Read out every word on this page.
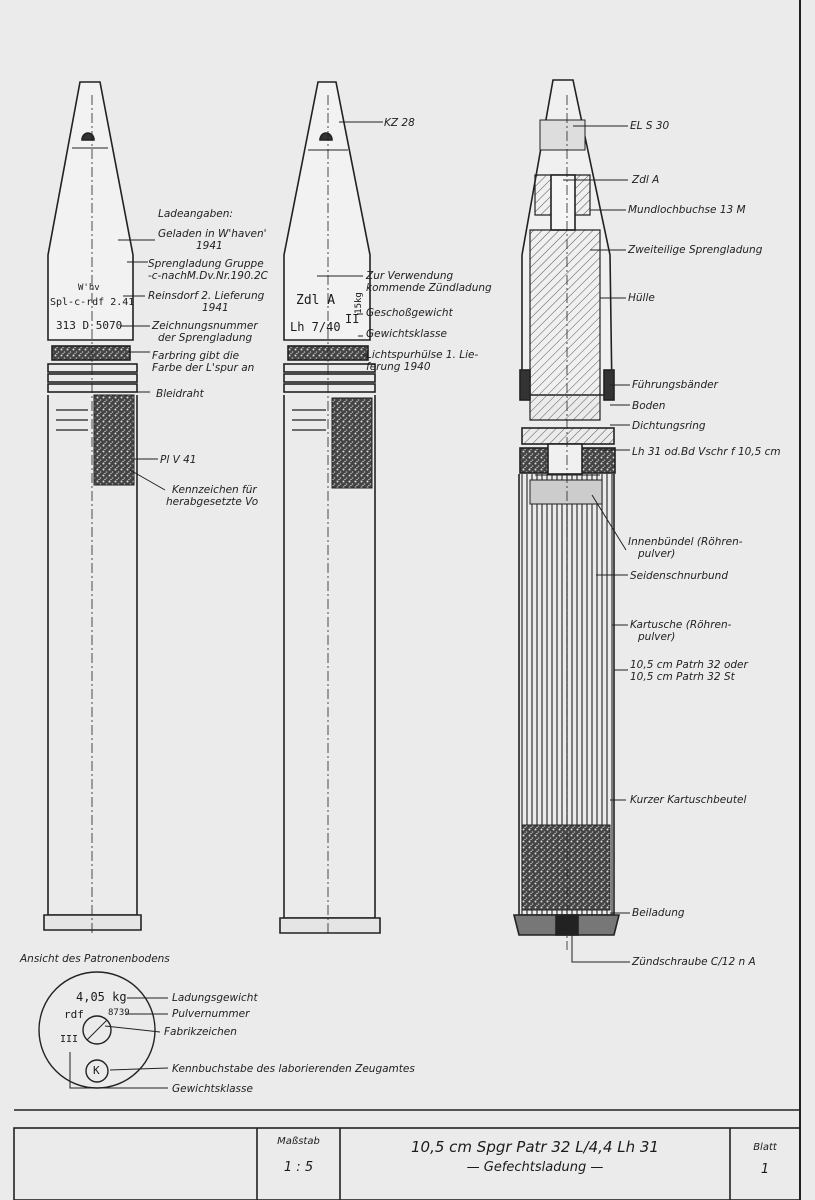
Ladeangaben:
Geladen in W'haven'
1941
Sprengladung Gruppe
-c-nachM.Dv.Nr.190.2C
Reinsdorf 2. Lieferung
1941
Zeichnungsnummer
der Sprengladung
Farbring gibt die
Farbe der L'spur an
Bleidraht
Pl V 41
Kennzeichen für
herabgesetzte Vo
W'hv
Spl-c-rdf 2.41
313 D 5070
KZ 28
Zur Verwendung
kommende Zündladung
Geschoßgewicht
Gewichtsklasse
Lichtspurhülse 1. Lie-
ferung 1940
Zdl A
Lh 7/40
15kg
II
EL S 30
Zdl A
Mundlochbuchse 13 M
Zweiteilige Sprengladung
Hülle
Führungsbänder
Boden
Dichtungsring
Lh 31 od.Bd Vschr f 10,5 cm
Innenbündel (Röhren-
pulver)
Seidenschnurbund
Kartusche (Röhren-
pulver)
10,5 cm Patrh 32 oder
10,5 cm Patrh 32 St
Kurzer Kartuschbeutel
Beiladung
Zündschraube C/12 n A
Ansicht des Patronenbodens
Ladungsgewicht
Pulvernummer
Fabrikzeichen
Kennbuchstabe des laborierenden Zeugamtes
Gewichtsklasse
4,05 kg
rdf	8739
III
K
Maßstab
1 : 5
10,5 cm Spgr Patr 32 L/4,4 Lh 31
— Gefechtsladung —
Blatt
1
